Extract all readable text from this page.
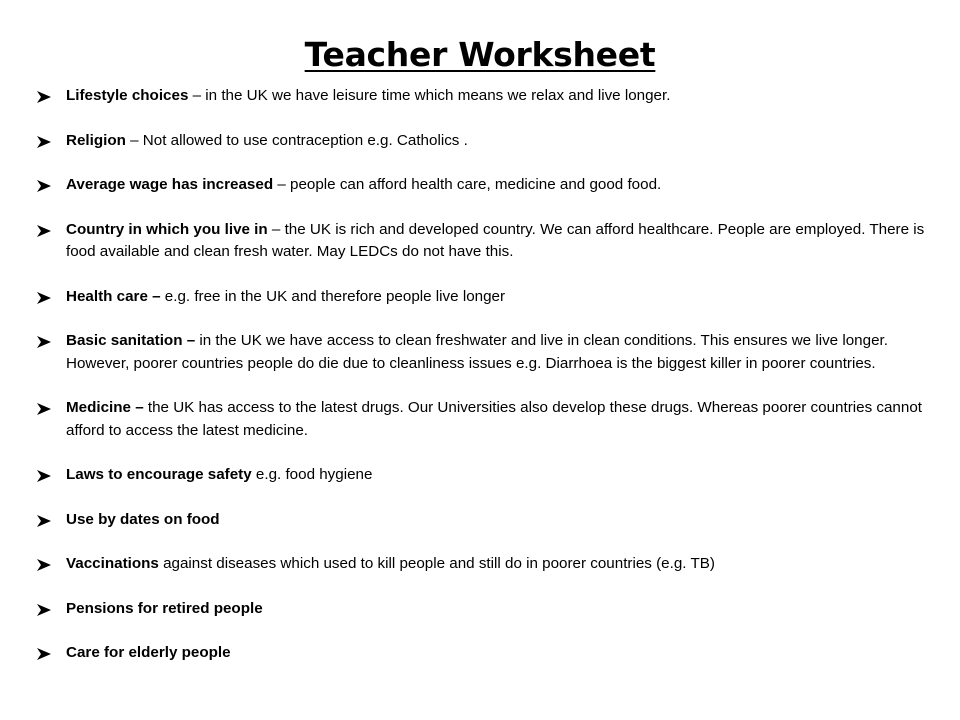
Teacher Worksheet
Lifestyle choices – in the UK we have leisure time which means we relax and live longer.
Religion – Not allowed to use contraception e.g. Catholics .
Average wage has increased – people can afford health care, medicine and good food.
Country in which you live in – the UK is rich and developed country. We can afford healthcare. People are employed. There is food available and clean fresh water. May LEDCs do not have this.
Health care – e.g. free in the UK and therefore people live longer
Basic sanitation – in the UK we have access to clean freshwater and live in clean conditions. This ensures we live longer. However, poorer countries people do die due to cleanliness issues e.g. Diarrhoea is the biggest killer in poorer countries.
Medicine – the UK has access to the latest drugs. Our Universities also develop these drugs. Whereas poorer countries cannot afford to access the latest medicine.
Laws to encourage safety e.g. food hygiene
Use by dates on food
Vaccinations against diseases which used to kill people and still do in poorer countries (e.g. TB)
Pensions for retired people
Care for elderly people
